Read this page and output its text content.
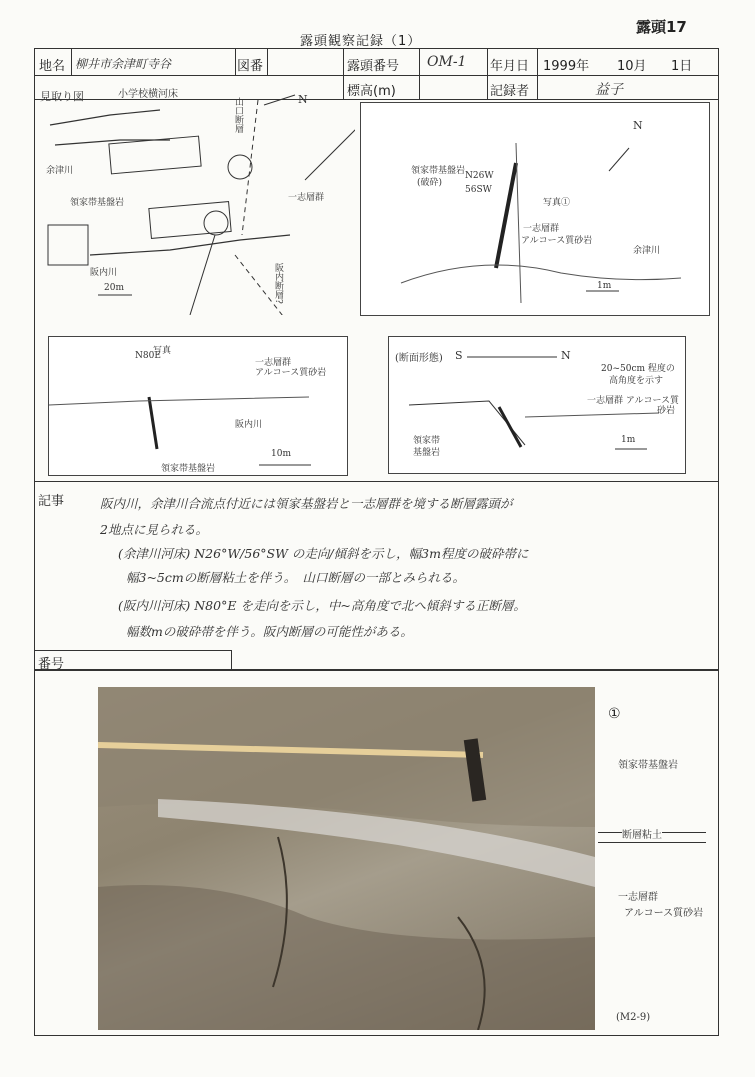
露頭観察記録（1）
露頭17
地名 柳井市余津町寺谷	図番	露頭番号 OM-1 年月日 1999年 10月 1日
標高(m)	記録者	益子
番号
見取り図	小学校横河床
山口断層	N
余津川
領家帯基盤岩	一志層群
阪内川
20m	阪内断層?
領家帯基盤岩
(破砕)
N26W
56SW
写真①
一志層群
アルコース質砂岩
余津川
1m
N
N80E
写真
一志層群
アルコース質砂岩
阪内川
領家帯基盤岩
10m
(断面形態) S	N
20~50cm 程度の
高角度を示す
一志層群 アルコース質
砂岩
領家帯
基盤岩
1m
記事	阪内川，余津川合流点付近には領家基盤岩と一志層群を境する断層露頭が
2地点に見られる。
(余津川河床) N26°W/56°SW の走向/傾斜を示し，幅3m程度の破砕帯に
幅3~5cmの断層粘土を伴う。　山口断層の一部とみられる。
(阪内川河床) N80°E を走向を示し，中~高角度で北へ傾斜する正断層。
幅数mの破砕帯を伴う。阪内断層の可能性がある。
①
領家帯基盤岩
断層粘土
一志層群
アルコース質砂岩
(M2-9)
